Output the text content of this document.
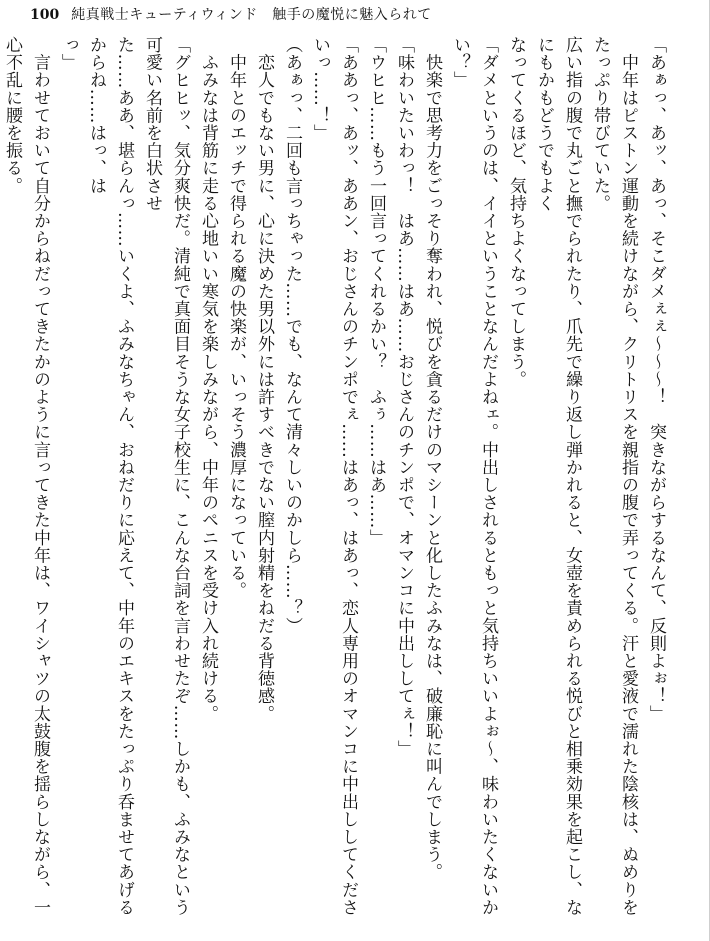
100 純真戦士キューティウィンド　触手の魔悦に魅入られて

「あぁっ、あッ、あっ、そこダメぇぇ〜〜〜！　突きながらするなんて、反則よぉ！」

　中年はピストン運動を続けながら、クリトリスを親指の腹で弄ってくる。汗と愛液で濡れた陰核は、ぬめりをたっぷり帯びていた。

広い指の腹で丸ごと撫でられたり、爪先で繰り返し弾かれると、女壺を責められる悦びと相乗効果を起こし、なにもかもどうでもよく

なってくるほど、気持ちよくなってしまう。

「ダメというのは、イイということなんだよねェ。中出しされるともっと気持ちいいよぉ〜、味わいたくないかい？」

　快楽で思考力をごっそり奪われ、悦びを貪るだけのマシーンと化したふみなは、破廉恥に叫んでしまう。

「味わいたいわっ！　はあ……はあ……おじさんのチンポで、オマンコに中出ししてぇ！」

「ウヒヒ……もう一回言ってくれるかい？　ふぅ……はあ……」

「ああっ、あッ、ああン、おじさんのチンポでぇ……はあっ、はあっ、恋人専用のオマンコに中出ししてくださいっ……！」

（あぁっ、二回も言っちゃった……でも、なんて清々しいのかしら……？）

　恋人でもない男に、心に決めた男以外には許すべきでない膣内射精をねだる背徳感。

　中年とのエッチで得られる魔の快楽が、いっそう濃厚になっている。

　ふみなは背筋に走る心地いい寒気を楽しみながら、中年のペニスを受け入れ続ける。

「グヒヒッ、気分爽快だ。清純で真面目そうな女子校生に、こんな台詞を言わせたぞ……しかも、ふみなという可愛い名前を白状させ

た……ああ、堪らんっ……いくよ、ふみなちゃん、おねだりに応えて、中年のエキスをたっぷり呑ませてあげるからね……はっ、は

っ」

　言わせておいて自分からねだってきたかのように言ってきた中年は、ワイシャツの太鼓腹を揺らしながら、一心不乱に腰を振る。
